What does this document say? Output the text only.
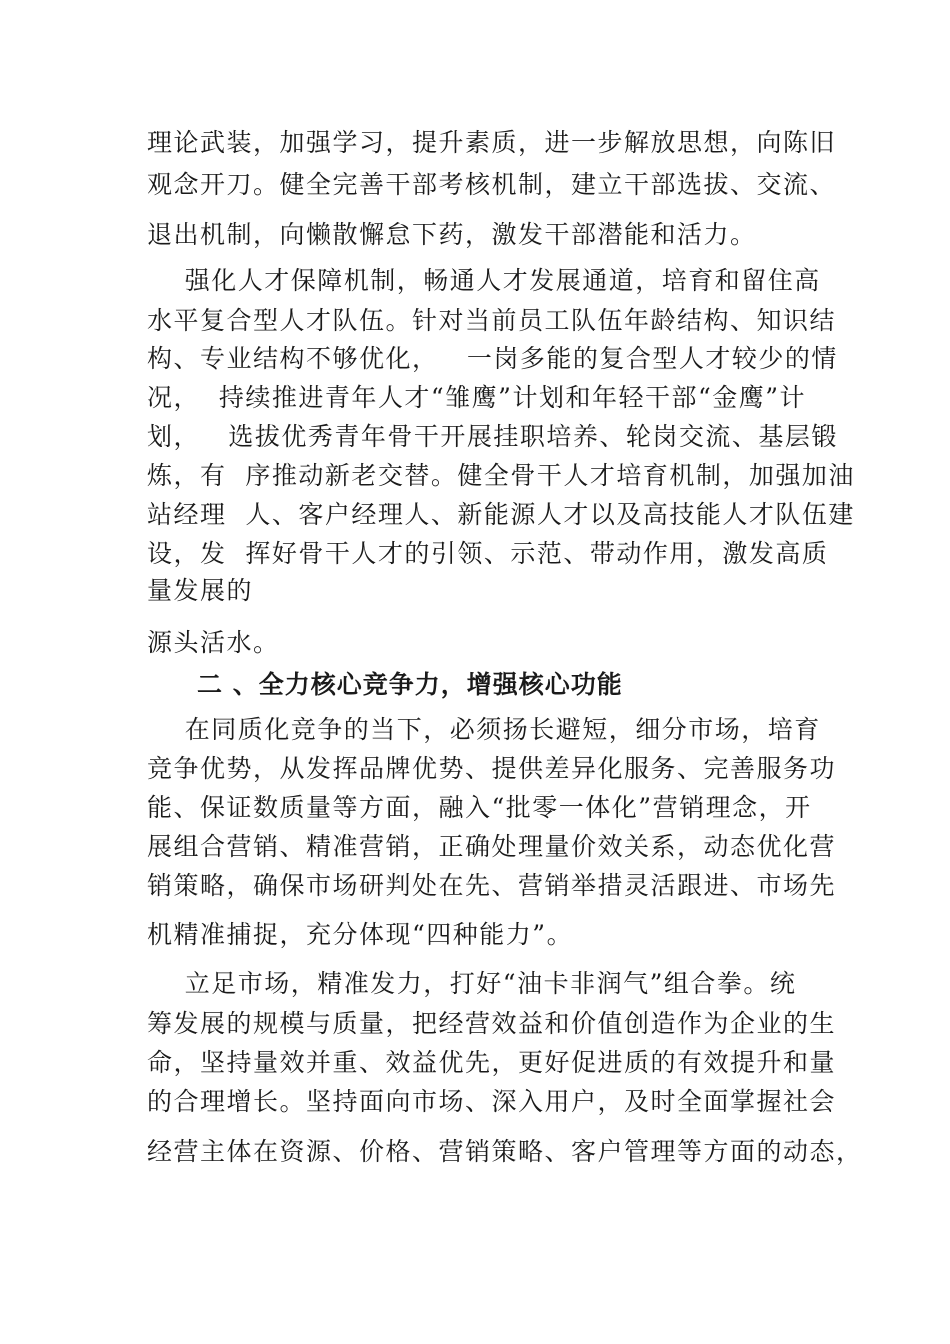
理论武装，加强学习，提升素质，进一步解放思想，向陈旧
观念开刀。健全完善干部考核机制，建立干部选拔、交流、
退出机制，向懒散懈怠下药，激发干部潜能和活力。
强化人才保障机制，畅通人才发展通道，培育和留住高
水平复合型人才队伍。针对当前员工队伍年龄结构、知识结
构、专业结构不够优化，   一岗多能的复合型人才较少的情
况，  持续推进青年人才“雏鹰”计划和年轻干部“金鹰”计
划，   选拔优秀青年骨干开展挂职培养、轮岗交流、基层锻
炼，有  序推动新老交替。健全骨干人才培育机制，加强加油
站经理  人、客户经理人、新能源人才以及高技能人才队伍建
设，发  挥好骨干人才的引领、示范、带动作用，激发高质
量发展的
源头活水。
二 、全力核心竞争力，增强核心功能
在同质化竞争的当下，必须扬长避短，细分市场，培育
竞争优势，从发挥品牌优势、提供差异化服务、完善服务功
能、保证数质量等方面，融入“批零一体化”营销理念，开
展组合营销、精准营销，正确处理量价效关系，动态优化营
销策略，确保市场研判处在先、营销举措灵活跟进、市场先
机精准捕捉，充分体现“四种能力”。
立足市场，精准发力，打好“油卡非润气”组合拳。统
筹发展的规模与质量，把经营效益和价值创造作为企业的生
命，坚持量效并重、效益优先，更好促进质的有效提升和量
的合理增长。坚持面向市场、深入用户，及时全面掌握社会
经营主体在资源、价格、营销策略、客户管理等方面的动态，
